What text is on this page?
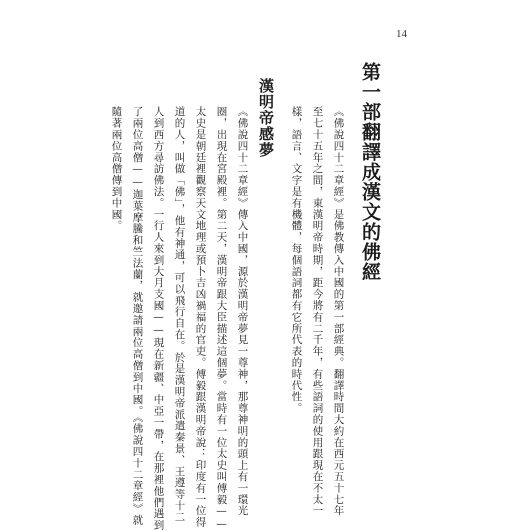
14
第一部翻譯成漢文的佛經
《佛說四十二章經》是佛教傳入中國的第一部經典。翻譯時間大約在西元五十七年
至七十五年之間，東漢明帝時期，距今將有二千年，有些語詞的使用跟現在不太一
樣，語言、文字是有機體，每個語詞都有它所代表的時代性。
漢明帝感夢
《佛說四十二章經》傳入中國，源於漢明帝夢見一尊神，那尊神明的頭上有一環光
圈，出現在宮殿裡。第二天，漢明帝跟大臣描述這個夢。當時有一位太史叫傅毅——
太史是朝廷裡觀察天文地理或預卜吉凶禍福的官吏。傅毅跟漢明帝說：印度有一位得
道的人，叫做「佛」，他有神通，可以飛行自在。於是漢明帝派遣秦景、王遵等十二
人到西方尋訪佛法。一行人來到大月支國——現在新疆、中亞一帶，在那裡他們遇到
了兩位高僧——迦葉摩騰和竺法蘭，就邀請兩位高僧到中國。《佛說四十二章經》就
隨著兩位高僧傳到中國。
